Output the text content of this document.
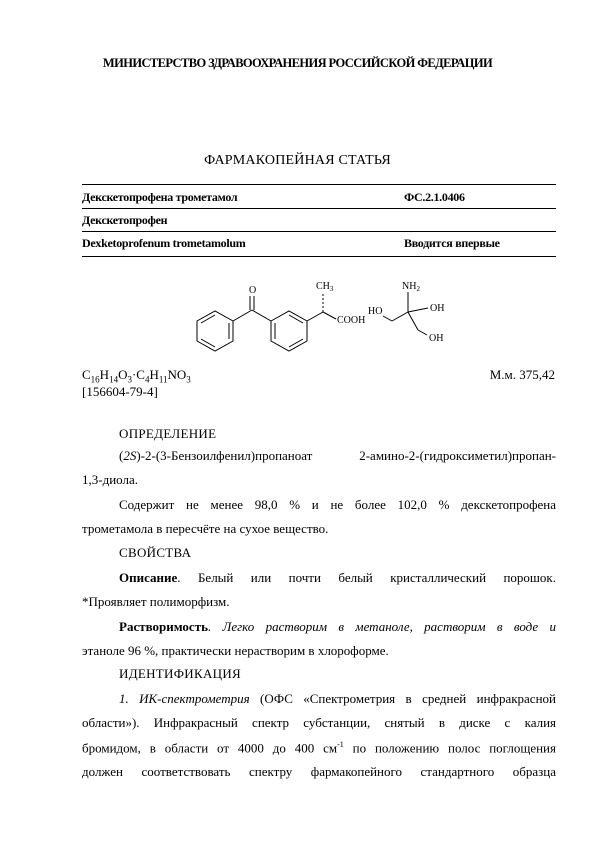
МИНИСТЕРСТВО ЗДРАВООХРАНЕНИЯ РОССИЙСКОЙ ФЕДЕРАЦИИ
ФАРМАКОПЕЙНАЯ СТАТЬЯ
Декскетопрофена трометамол	ФС.2.1.0406
Декскетопрофен
Dexketoprofenum trometamolum	Вводится впервые
O	$CH_3$
COOH
$NH_2$
HO	OH
OH
$C_{16}H_{14}O_3\cdot C_4H_{11}NO_3$	М.м. 375,42
[156604-79-4]
ОПРЕДЕЛЕНИЕ
(2S)-2-(3-Бензоилфенил)пропаноат 2-амино-2-(гидроксиметил)пропан-
1,3-диола.
Содержит не менее 98,0 % и не более 102,0 % декскетопрофена
трометамола в пересчёте на сухое вещество.
СВОЙСТВА
Описание. Белый или почти белый кристаллический порошок.
*Проявляет полиморфизм.
Растворимость. Легко растворим в метаноле, растворим в воде и
этаноле 96 %, практически нерастворим в хлороформе.
ИДЕНТИФИКАЦИЯ
1. ИК-спектрометрия (ОФС «Спектрометрия в средней инфракрасной
области»). Инфракрасный спектр субстанции, снятый в диске с калия
бромидом, в области от 4000 до 400 $см^{-1}$ по положению полос поглощения
должен соответствовать спектру фармакопейного стандартного образца
